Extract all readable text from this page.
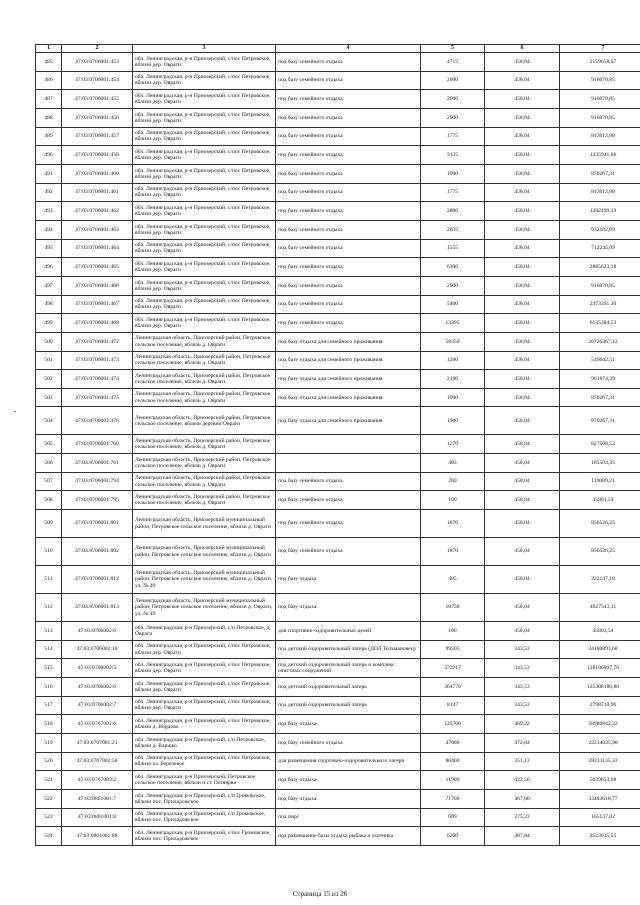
1	2	3	4	5	6	7
485	47:03:0706001:453	обл. Ленинградская, р-н Приозерский, с/пос Петровское, вблизи дер. Овраги	под базу семейного отдыха	4715	458,04	2159658,07
486	47:03:0706001:454	обл. Ленинградская, р-н Приозерский, с/пос Петровское, вблизи дер. Овраги	под базу семейного отдыха	2000	458,04	916070,85
487	47:03:0706001:455	обл. Ленинградская, р-н Приозерский, с/пос Петровское, вблизи дер. Овраги	под базу семейного отдыха	2000	458,04	916070,85
488	47:03:0706001:456	обл. Ленинградская, р-н Приозерский, с/пос Петровское, вблизи дер. Овраги	под базу семейного отдыха	2000	458,04	916070,85
489	47:03:0706001:457	обл. Ленинградская, р-н Приозерский, с/пос Петровское, вблизи дер. Овраги	под базу семейного отдыха	1775	458,04	813012,88
490	47:03:0706001:458	обл. Ленинградская, р-н Приозерский, с/пос Петровское, вблизи дер. Овраги	под базу семейного отдыха	3135	458,04	1435941,06
491	47:03:0706001:460	обл. Ленинградская, р-н Приозерский, с/пос Петровское, вблизи дер. Овраги	под базу семейного отдыха	1900	458,04	870267,31
492	47:03:0706001:461	обл. Ленинградская, р-н Приозерский, с/пос Петровское, вблизи дер. Овраги	под базу семейного отдыха	1775	458,04	813012,88
493	47:03:0706001:462	обл. Ленинградская, р-н Приозерский, с/пос Петровское, вблизи дер. Овраги	под базу семейного отдыха	2800	458,04	1282499,19
494	47:03:0706001:463	обл. Ленинградская, р-н Приозерский, с/пос Петровское, вблизи дер. Овраги	под базу семейного отдыха	2035	458,04	932102,09
495	47:03:0706001:464	обл. Ленинградская, р-н Приозерский, с/пос Петровское, вблизи дер. Овраги	под базу семейного отдыха	1555	458,04	712245,09
496	47:03:0706001:465	обл. Ленинградская, р-н Приозерский, с/пос Петровское, вблизи дер. Овраги	под базу семейного отдыха	6300	458,04	2885623,18
497	47:03:0706001:466	обл. Ленинградская, р-н Приозерский, с/пос Петровское, вблизи дер. Овраги	под базу семейного отдыха	2000	458,04	916070,85
498	47:03:0706001:467	обл. Ленинградская, р-н Приозерский, с/пос Петровское, вблизи дер. Овраги	под базу семейного отдыха	5400	458,04	2473391,30
499	47:03:0706001:468	обл. Ленинградская, р-н Приозерский, с/пос Петровское, вблизи дер. Овраги	под базу семейного отдыха	13395	458,04	6135384,53
500	47:03:0706001:472	Ленинградская область, Приозерский район, Петровское сельское поселение, вблизи д. Овраги	под базу отдыха для семейного проживания	58350	458,04	26726367,12
501	47:03:0706001:473	Ленинградская область, Приозерский район, Петровское сельское поселение, вблизи д. Овраги	под базу отдыха для семейного проживания	1200	458,04	549642,51
502	47:03:0706001:474	Ленинградская область, Приозерский район, Петровское сельское поселение, вблизи д. Овраги	под базу отдыха для семейного проживания	2100	458,04	961874,39
503	47:03:0706001:475	Ленинградская область, Приозерский район, Петровское сельское поселение, вблизи д. Овраги	под базу отдыха для семейного проживания	1900	458,04	870267,31
504	47:03:0706001:476	Ленинградская область, Приозерский район, Петровское сельское поселение, вблизи деревни Овраги	под базу отдыха для семейного проживания	1900	458,04	870267,31
505	47:03:0706001:760	Ленинградская область, Приозерский район, Петровское сельское поселение, вблизи д. Овраги		1370	458,04	627508,53
506	47:03:0706001:761	Ленинградская область, Приозерский район, Петровское сельское поселение, вблизи д. Овраги		403	458,04	185504,35
507	47:03:0706001:794	Ленинградская область, Приозерский район, Петровское сельское поселение, вблизи д. Овраги	под базу семейного отдыха	260	458,04	119089,21
508	47:03:0706001:795	Ленинградская область, Приозерский район, Петровское сельское поселение, вблизи д. Овраги	под базу семейного отдыха	100	458,04	45801,54
509	47:03:0706001:801	Ленинградская область, Приозерский муниципальный район, Петровское сельское поселение, вблизи д. Овраги	под базу семейного отдыха	1870	458,04	856526,25
510	47:03:0706001:802	Ленинградская область, Приозерский муниципальный район, Петровское сельское поселение, вблизи д. Овраги	под базу семейного отдыха	1870	458,04	856526,25
511	47:03:0706001:812	Ленинградская область, Приозерский муниципальный район, Петровское сельское поселение, вблизи д. Овраги, ул. № 49	под базу отдыха	485	458,04	222147,18
512	47:03:0706001:813	Ленинградская область, Приозерский муниципальный район, Петровское сельское поселение, вблизи д. Овраги, ул. № 49	под базу отдыха	10758	458,04	4927543,11
513	47:03:0706002:6	обл. Ленинградская, р-н Приозерский, с/п Петровское, д. Овраги	для спортивно-оздоровительных целей	100	458,04	45803,54
514	47:03:0706002:18	обл. Ленинградская, р-н Приозерский, с/пос Петровское, вблизи дер. Овраги	под детский оздоровительный лагерь (ДОЛ Тельмановец)	99505	343,53	34180893,68
515	47:03:0706002:5	обл. Ленинградская, р-н Приозерский, с/пос Петровское, вблизи дер. Овраги	под детский оздоровительный лагерь и комплекс очистных сооружений	372917	343,53	128106897,76
516	47:03:0706002:6	обл. Ленинградская, р-н Приозерский, с/пос Петровское, вблизи дер. Овраги	под детский оздоровительный лагерь	364770	343,53	125308186,80
517	47:03:0706002:7	обл. Ленинградская, р-н Приозерский, с/пос Петровское, вблизи дер. Овраги	под детский оздоровительный лагерь	8147	343,53	2798710,96
518	47:03:0707001:6	обл. Ленинградская, р-н Приозерский, с/пос Петровское, вблизи д. Вордово	под базу отдыха	125700	469,22	58980842,22
519	47:03:0707001:21	обл. Ленинградская, р-н Приозерский, с/п Петровское, вблизи д. Варшко	под базу семейного отдыха	47000	472,84	22214035,98
520	47:03:0707002:58	обл. Ленинградская, р-н Приозерский, с/пос Петровское, вблизи оз. Березовое	для размещения спортивно-оздоровительного лагеря	80400	351,13	28231135,33
521	47:03:0707003:2	обл. Ленинградская, р-н Приозерский, Петровское сельское поселение, вблизи п.ст. Петяярви	под базу отдыха	11900	423,50	5039653,68
522	47:03:0801001:7	обл. Ленинградская, р-н Приозерский, с/п Громовское, вблизи пос. Приладожское	под базу отдыха	71700	467,00	33483618,77
523	47:03:0801001:8	обл. Ленинградская, р-н Приозерский, с/п Громовское, вблизи пос. Приладожское	под пирс	609	275,23	165137,82
524	47:03:0801001:88	обл. Ленинградская, р-н Приозерский, с/пос Громовское, вблизи пос. Приладожское	под размещение базы отдыха рыбака и охотника	6200	407,04	2523635,55
-
Страница 15 из 26
